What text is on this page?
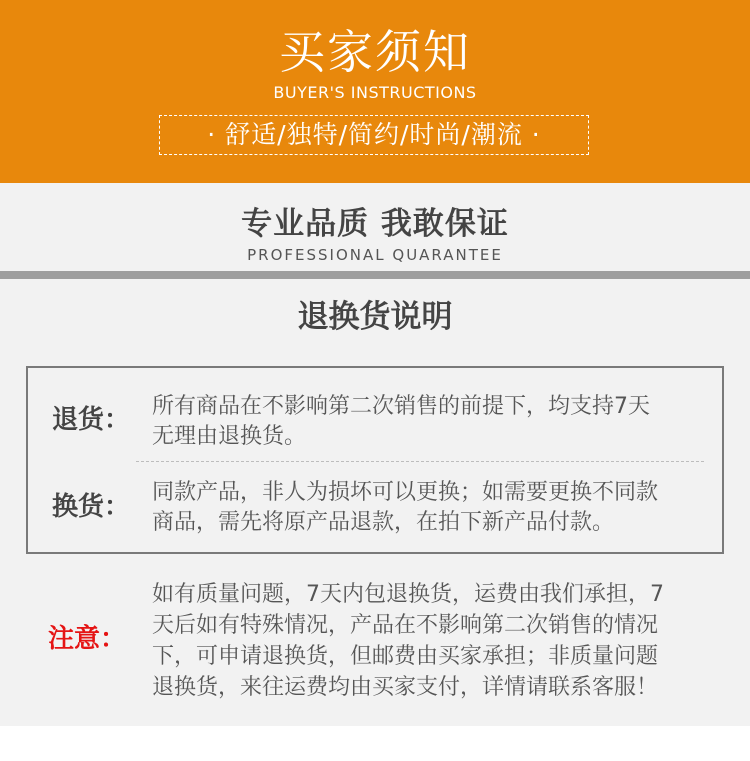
买家须知
BUYER'S INSTRUCTIONS
· 舒适/独特/简约/时尚/潮流 ·
专业品质 我敢保证
PROFESSIONAL QUARANTEE
退换货说明
退货： 所有商品在不影响第二次销售的前提下，均支持7天
无理由退换货。
换货： 同款产品，非人为损坏可以更换；如需要更换不同款
商品，需先将原产品退款，在拍下新产品付款。
注意：
如有质量问题，7天内包退换货，运费由我们承担，7
天后如有特殊情况，产品在不影响第二次销售的情况
下，可申请退换货，但邮费由买家承担；非质量问题
退换货，来往运费均由买家支付，详情请联系客服！
